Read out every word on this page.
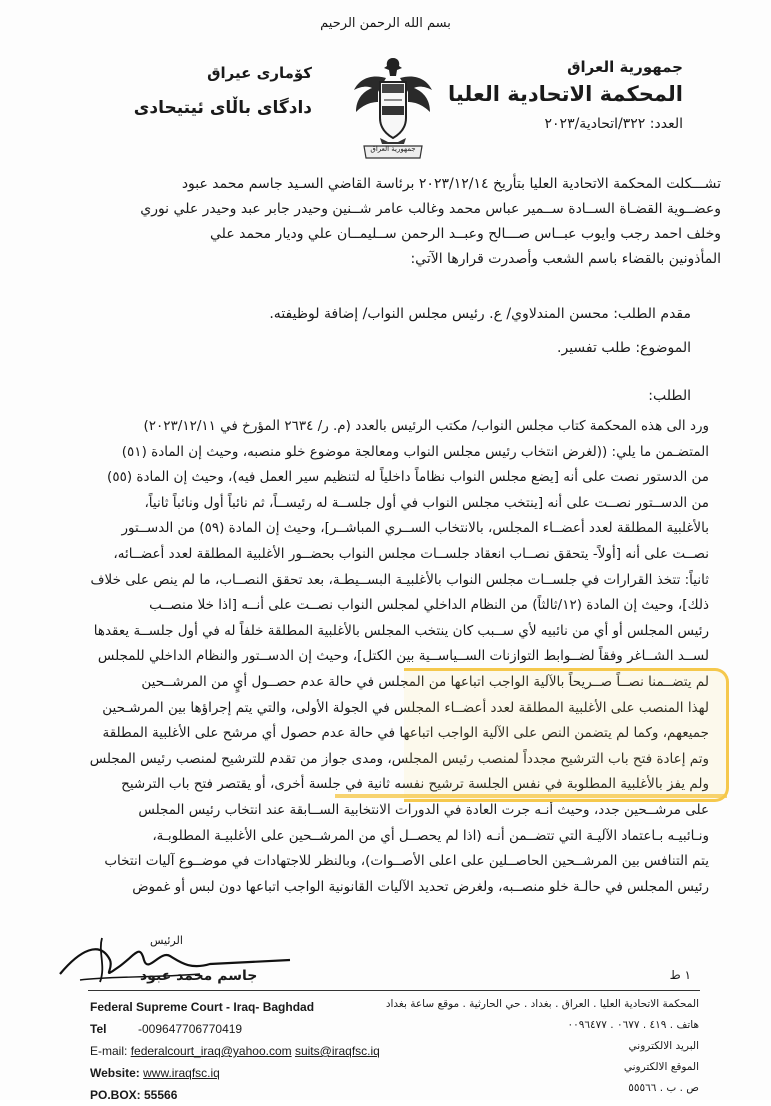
بسم الله الرحمن الرحيم
جمهورية العراق
المحكمة الاتحادية العليا
العدد: ٣٢٢/اتحادية/٢٠٢٣
كۆماری عیراق
دادگای باڵای ئیتیحادی
جمهورية العراق

تشـــكلت المحكمة الاتحادية العليا بتأريخ ٢٠٢٣/١٢/١٤ برئاسة القاضي السـيد جاسم محمد عبود

وعضــوية القضـاة الســادة ســمير عباس محمد وغالب عامر شــنين وحيدر جابر عبد وحيدر علي نوري

وخلف احمد رجب وايوب عبــاس صـــالح وعبــد الرحمن ســليمــان علي وديار محمد علي

المأذونين بالقضاء باسم الشعب وأصدرت قرارها الآتي:

مقدم الطلب: محسن المندلاوي/ ع. رئيس مجلس النواب/ إضافة لوظيفته.
الموضوع: طلب تفسير.
الطلب:

ورد الى هذه المحكمة كتاب مجلس النواب/ مكتب الرئيس بالعدد (م. ر/ ٢٦٣٤ المؤرخ في ٢٠٢٣/١٢/١١)

المتضـمن ما يلي: ((لغرض انتخاب رئيس مجلس النواب ومعالجة موضوع خلو منصبه، وحيث إن المادة (٥١)

من الدستور نصت على أنه [يضع مجلس النواب نظاماً داخلياً له لتنظيم سير العمل فيه)، وحيث إن المادة (٥٥)

من الدســتور نصــت على أنه [ينتخب مجلس النواب في أول جلســة له رئيســاً، ثم نائباً أول ونائباً ثانياً،

بالأغلبية المطلقة لعدد أعضــاء المجلس، بالانتخاب الســري المباشــر]، وحيث إن المادة (٥٩) من الدســتور

نصــت على أنه [أولاً- يتحقق نصــاب انعقاد جلســات مجلس النواب بحضــور الأغلبية المطلقة لعدد أعضــائه،

ثانياً: تتخذ القرارات في جلســات مجلس النواب بالأغلبيـة البســيطـة، بعد تحقق النصــاب، ما لم ينص على خلاف

ذلك]، وحيث إن المادة (١٢/ثالثاً) من النظام الداخلي لمجلس النواب نصــت على أنــه [اذا خلا منصــب

رئيس المجلس أو أي من نائبيه لأي ســبب كان ينتخب المجلس بالأغلبية المطلقة خلفاً له في أول جلســة يعقدها

لســد الشــاغر وفقاً لضــوابط التوازنات الســياســية بين الكتل]، وحيث إن الدســتور والنظام الداخلي للمجلس

لم يتضــمنا نصــاً صــريحاً بالآلية الواجب اتباعها من المجلس في حالة عدم حصــول أيٍ من المرشــحين

لهذا المنصب على الأغلبية المطلقة لعدد أعضــاء المجلس في الجولة الأولى، والتي يتم إجراؤها بين المرشـحين

جميعهم، وكما لم يتضمن النص على الآلية الواجب اتباعها في حالة عدم حصول أي مرشح على الأغلبية المطلقة

وتم إعادة فتح باب الترشيح مجدداً لمنصب رئيس المجلس، ومدى جواز من تقدم للترشيح لمنصب رئيس المجلس

ولم يفز بالأغلبية المطلوبة في نفس الجلسة ترشيح نفسه ثانية في جلسة أخرى، أو يقتصر فتح باب الترشيح

على مرشــحين جدد، وحيث أنـه جرت العادة في الدورات الانتخابية الســابقة عند انتخاب رئيس المجلس

ونـائبيـه بـاعتماد الآليـة التي تتضــمن أنـه (اذا لم يحصــل أي من المرشــحين على الأغلبيـة المطلوبـة،

يتم التنافس بين المرشــحين الحاصــلين على اعلى الأصــوات)، وبالنظر للاجتهادات في موضــوع آليات انتخاب

رئيس المجلس في حالـة خلو منصــبه، ولغرض تحديد الآليات القانونية الواجب اتباعها دون لبس أو غموض

الرئيس
جاسم محمد عبود	١ ط
Federal Supreme Court - Iraq- Baghdad
Tel	-009647706770419
E-mail: federalcourt_iraq@yahoo.com suits@iraqfsc.iq
Website: www.iraqfsc.iq
PO.BOX: 55566
المحكمة الاتحادية العليا . العراق . بغداد . حي الحارثية . موقع ساعة بغداد
هاتف . ٤١٩ . ٠٦٧٧ . ٠٠٩٦٤٧٧
البريد الالكتروني
الموقع الالكتروني
ص . ب . ٥٥٥٦٦
